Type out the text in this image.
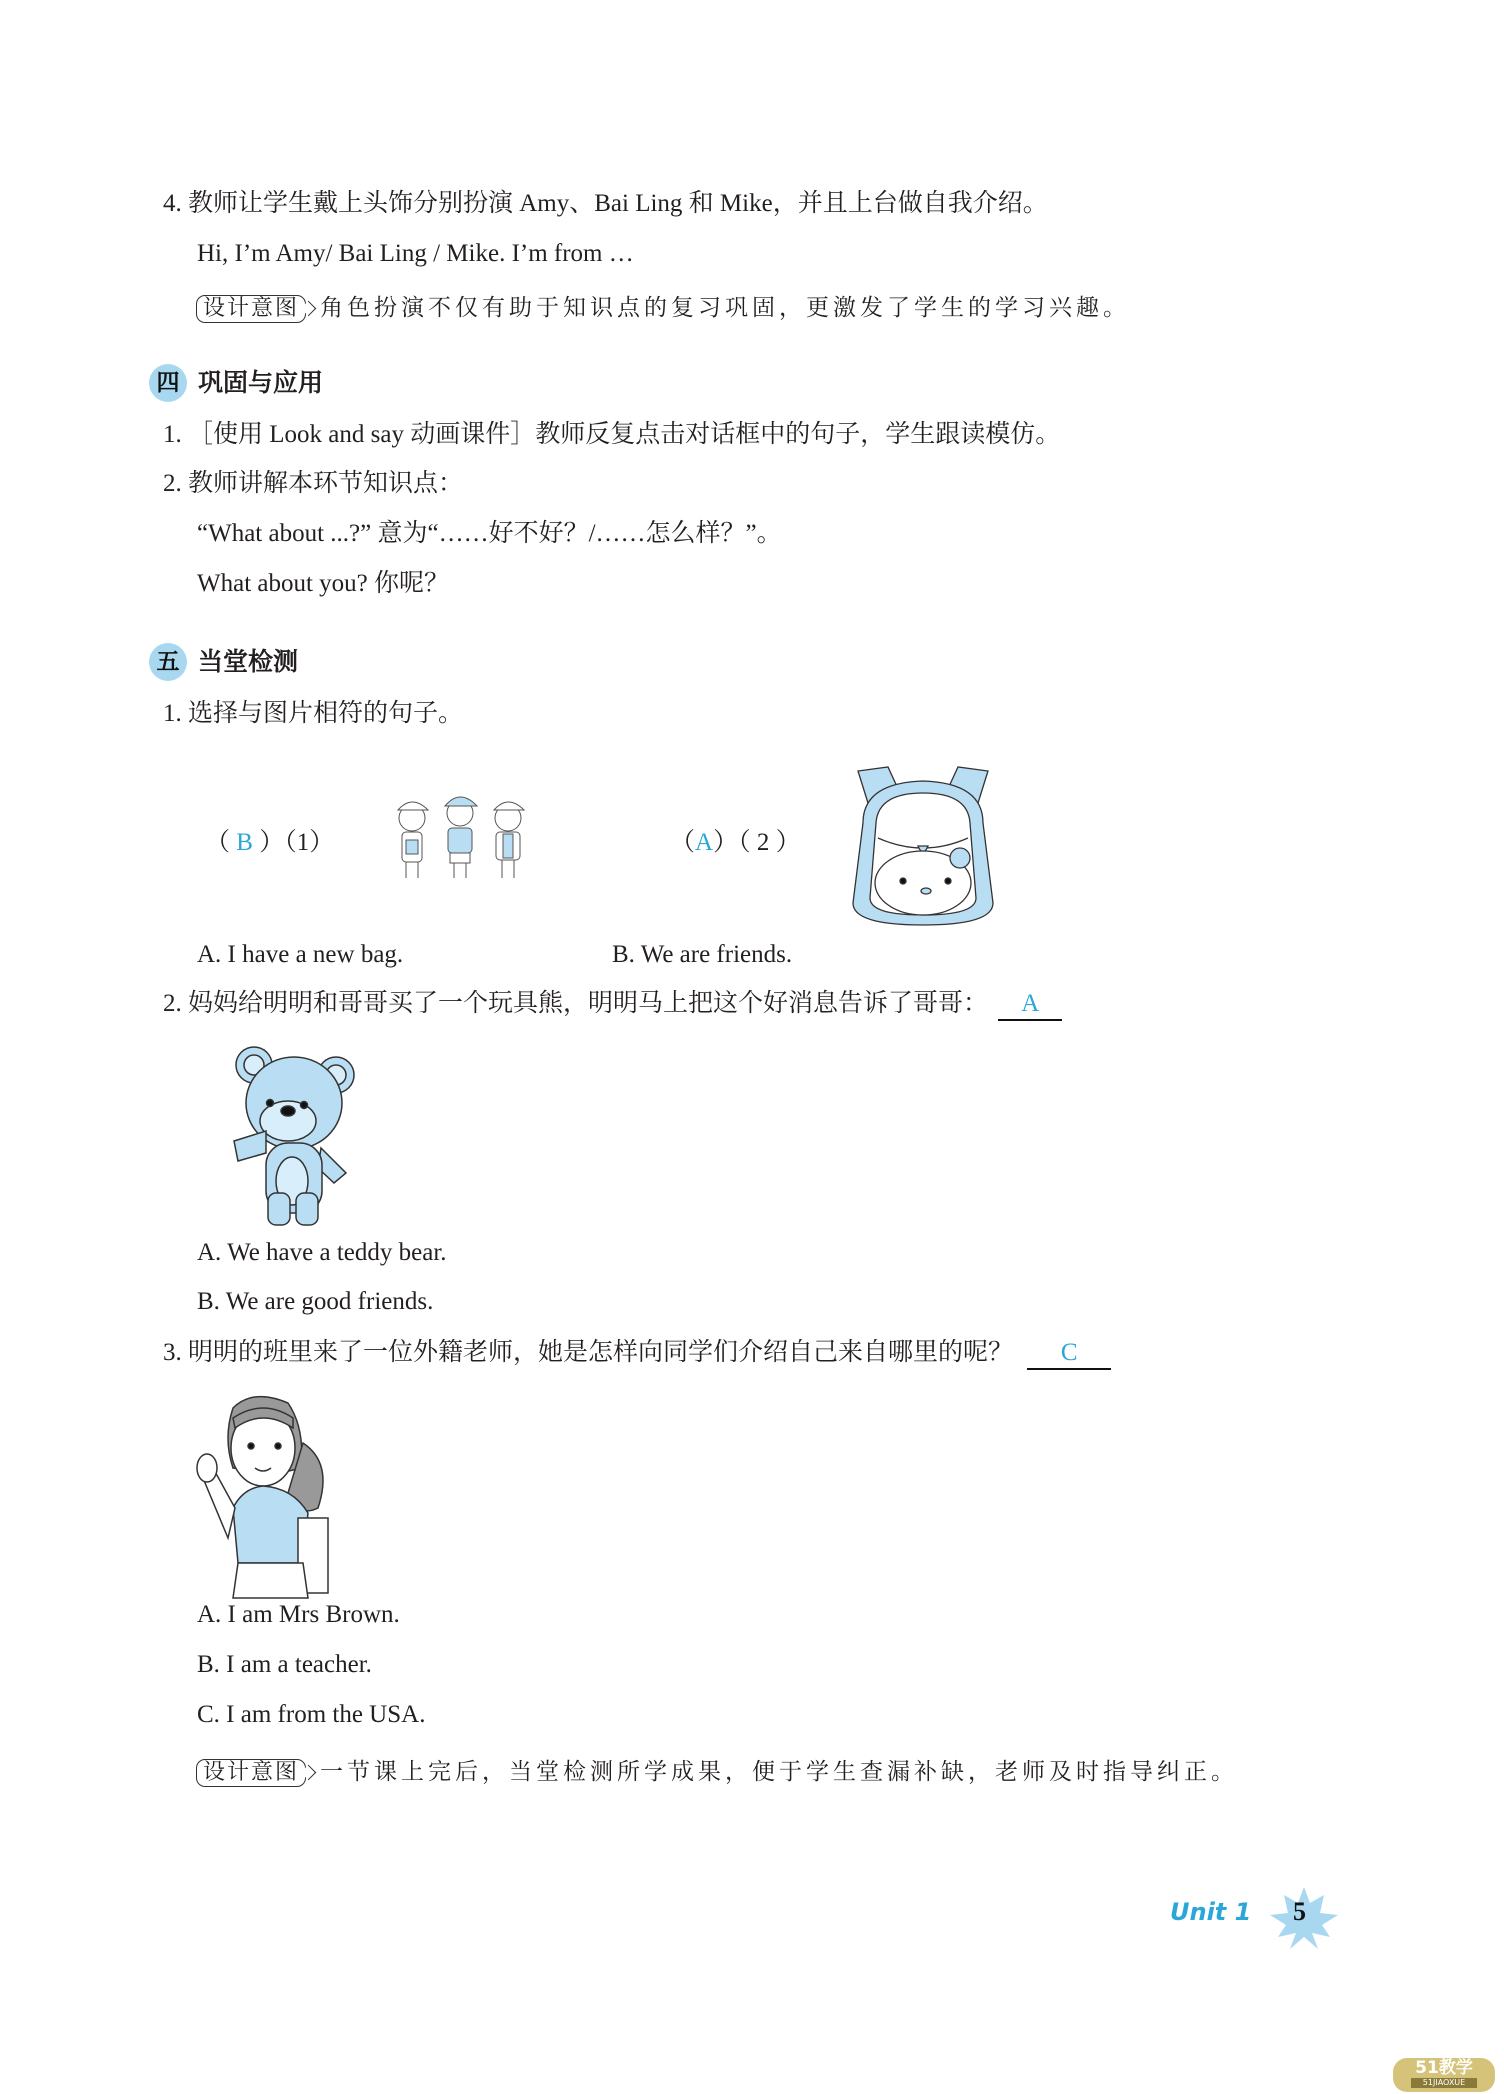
4. 教师让学生戴上头饰分别扮演 Amy、Bai Ling 和 Mike，并且上台做自我介绍。
Hi, I’m Amy/ Bai Ling / Mike. I’m from …
设计意图 角色扮演不仅有助于知识点的复习巩固，更激发了学生的学习兴趣。
四 巩固与应用
1. ［使用 Look and say 动画课件］教师反复点击对话框中的句子，学生跟读模仿。
2. 教师讲解本环节知识点：
“What about ...?” 意为“……好不好？/……怎么样？”。
What about you? 你呢？
五 当堂检测
1. 选择与图片相符的句子。
（ B ）（1）	（A）（ 2 ）
A. I have a new bag.	B. We are friends.
2. 妈妈给明明和哥哥买了一个玩具熊，明明马上把这个好消息告诉了哥哥： A
A. We have a teddy bear.
B. We are good friends.
3. 明明的班里来了一位外籍老师，她是怎样向同学们介绍自己来自哪里的呢？ C
A. I am Mrs Brown.
B. I am a teacher.
C. I am from the USA.
设计意图 一节课上完后，当堂检测所学成果，便于学生查漏补缺，老师及时指导纠正。
Unit 1 5
51教学
51JIAOXUE
